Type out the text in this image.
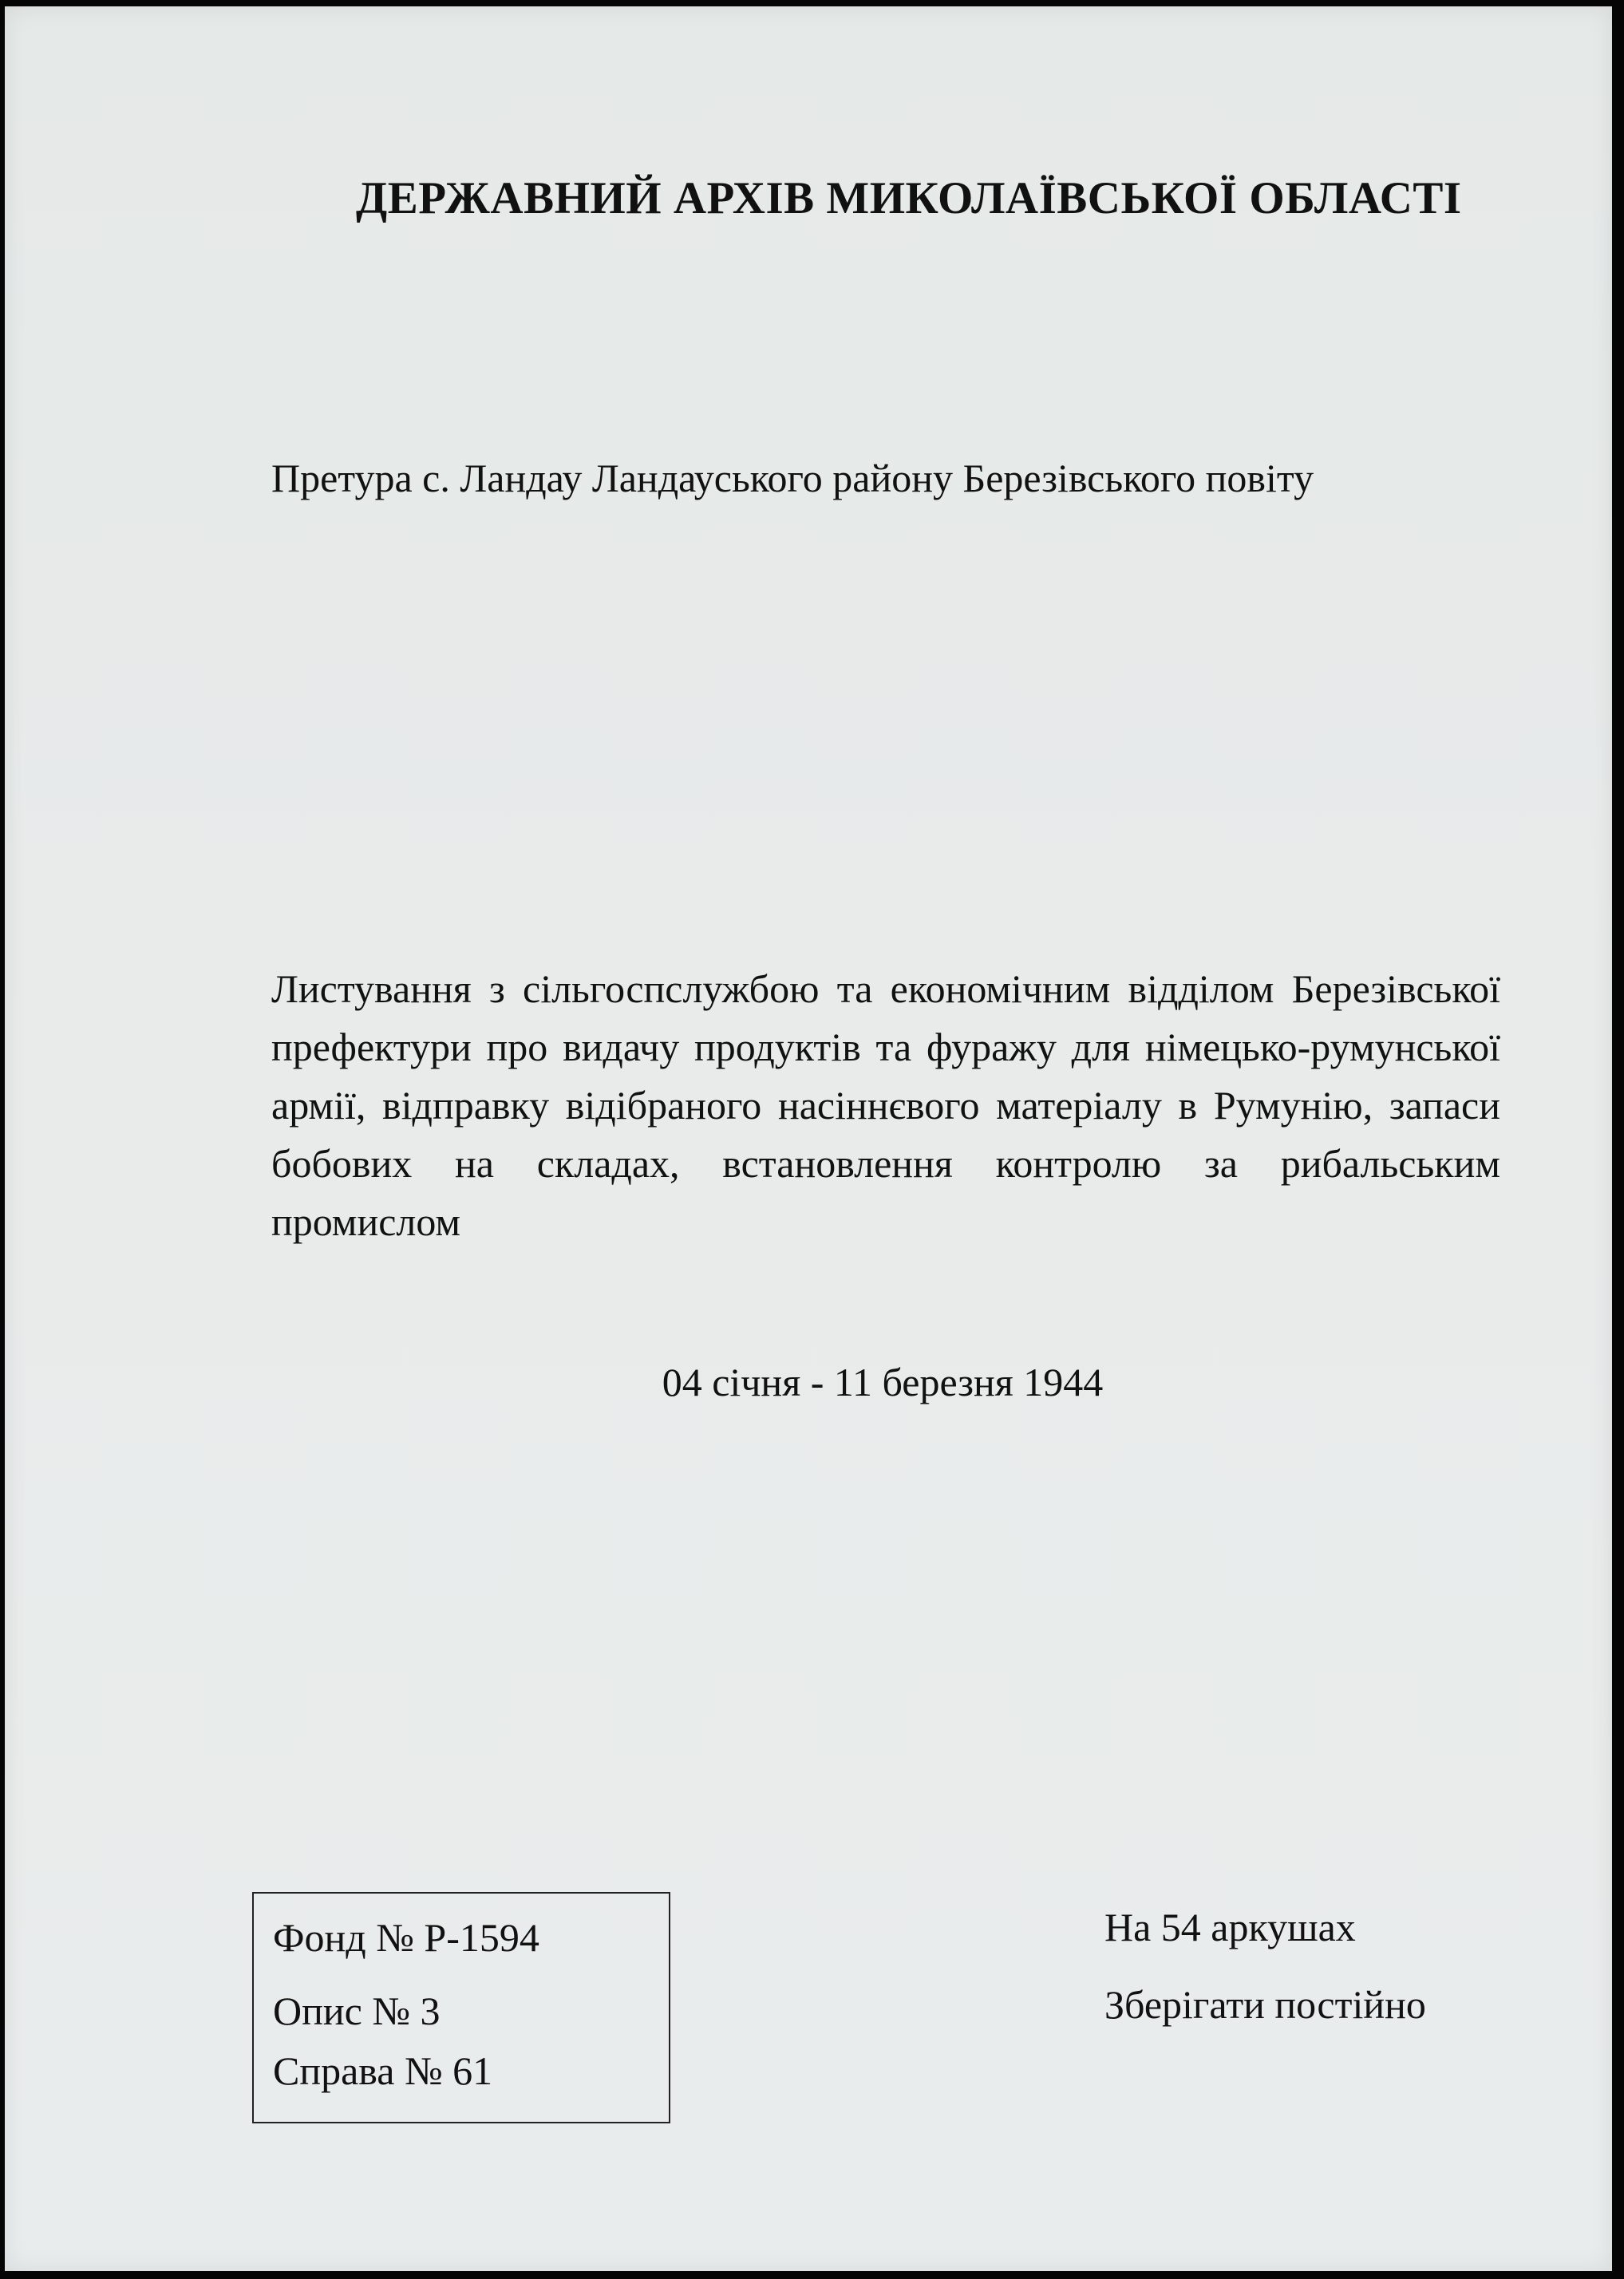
ДЕРЖАВНИЙ АРХІВ МИКОЛАЇВСЬКОЇ ОБЛАСТІ
Претура с. Ландау Ландауського району Березівського повіту
Листування з сільгоспслужбою та економічним відділом Березівської префектури про видачу продуктів та фуражу для німецько-румунської армії, відправку відібраного насіннєвого матеріалу в Румунію, запаси бобових на складах, встановлення контролю за рибальським промислом
04 січня - 11 березня 1944
Фонд № Р-1594
Опис № 3
Справа № 61
На 54 аркушах
Зберігати постійно
